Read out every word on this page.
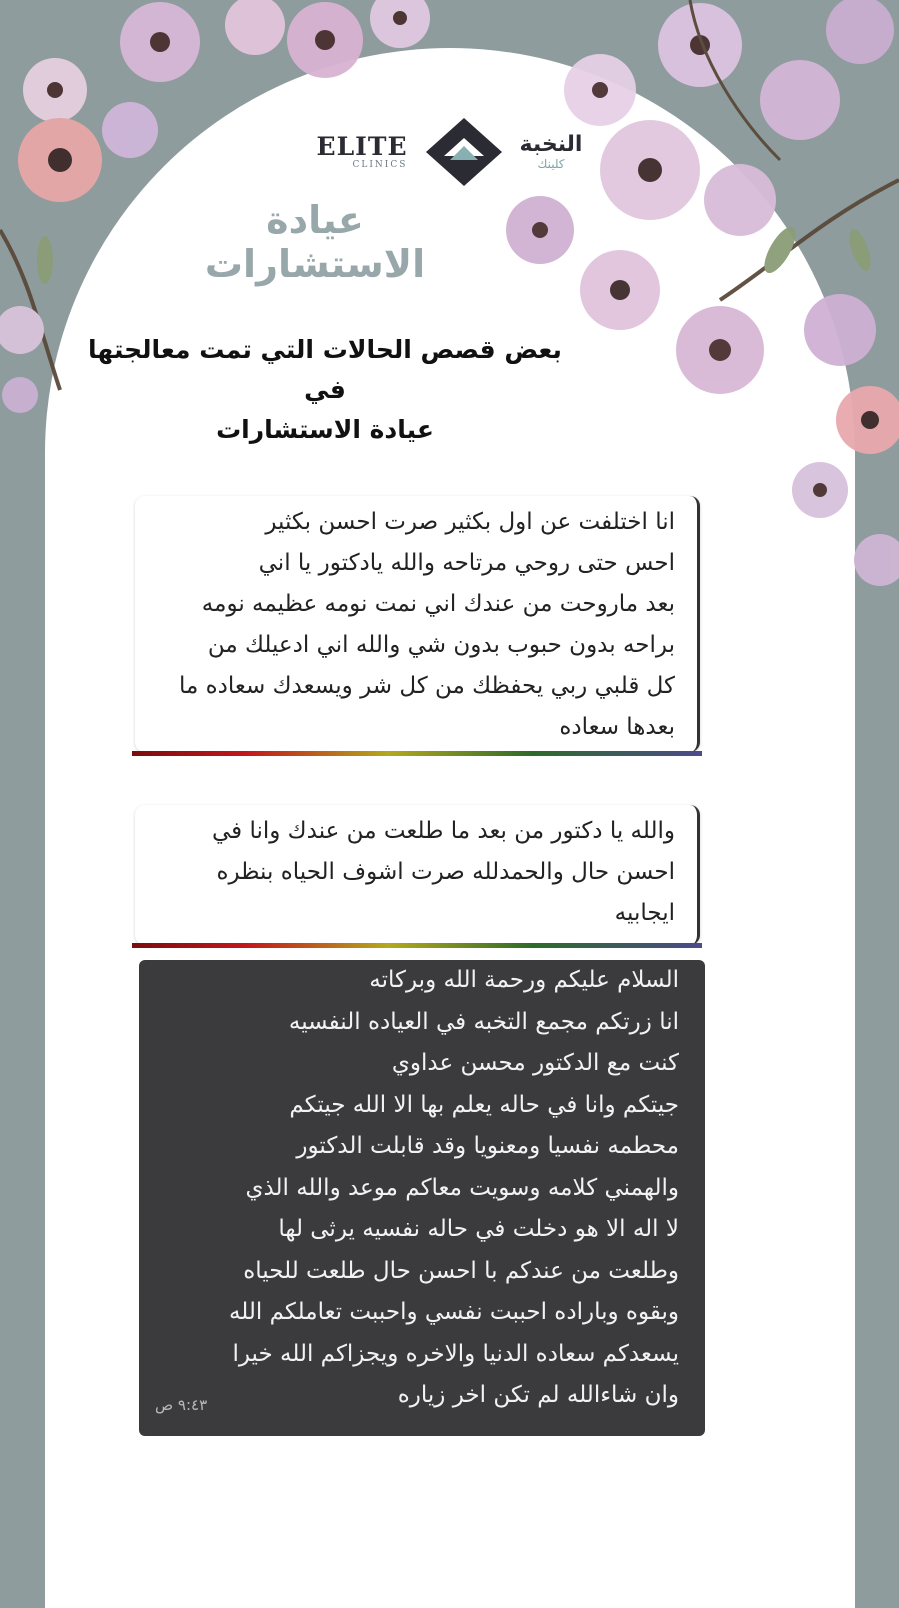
ELITE
CLINICS
النخبة
كلينك
عيادة الاستشارات
بعض قصص الحالات التي تمت معالجتها
في
عيادة الاستشارات
انا اختلفت عن اول بكثير صرت احسن بكثير
احس حتى روحي مرتاحه والله يادكتور يا اني
بعد ماروحت من عندك اني نمت نومه عظيمه نومه
براحه بدون حبوب بدون شي والله اني ادعيلك من
كل قلبي ربي يحفظك من كل شر ويسعدك سعاده ما
بعدها سعاده
والله يا دكتور من بعد ما طلعت من عندك وانا في
احسن حال والحمدلله صرت اشوف الحياه بنظره
ايجابيه
السلام عليكم ورحمة الله وبركاته
انا زرتكم مجمع التخبه في العياده النفسيه
كنت مع الدكتور محسن عداوي
جيتكم وانا في حاله يعلم بها الا الله جيتكم
محطمه نفسيا ومعنويا وقد قابلت الدكتور
والهمني كلامه وسويت معاكم موعد والله الذي
لا اله الا هو دخلت في حاله نفسيه يرثى لها
وطلعت من عندكم با احسن حال طلعت للحياه
وبقوه وباراده احببت نفسي واحببت تعاملكم الله
يسعدكم سعاده الدنيا والاخره ويجزاكم الله خيرا
وان شاءالله لم تكن اخر زياره
٩:٤٣ ص
